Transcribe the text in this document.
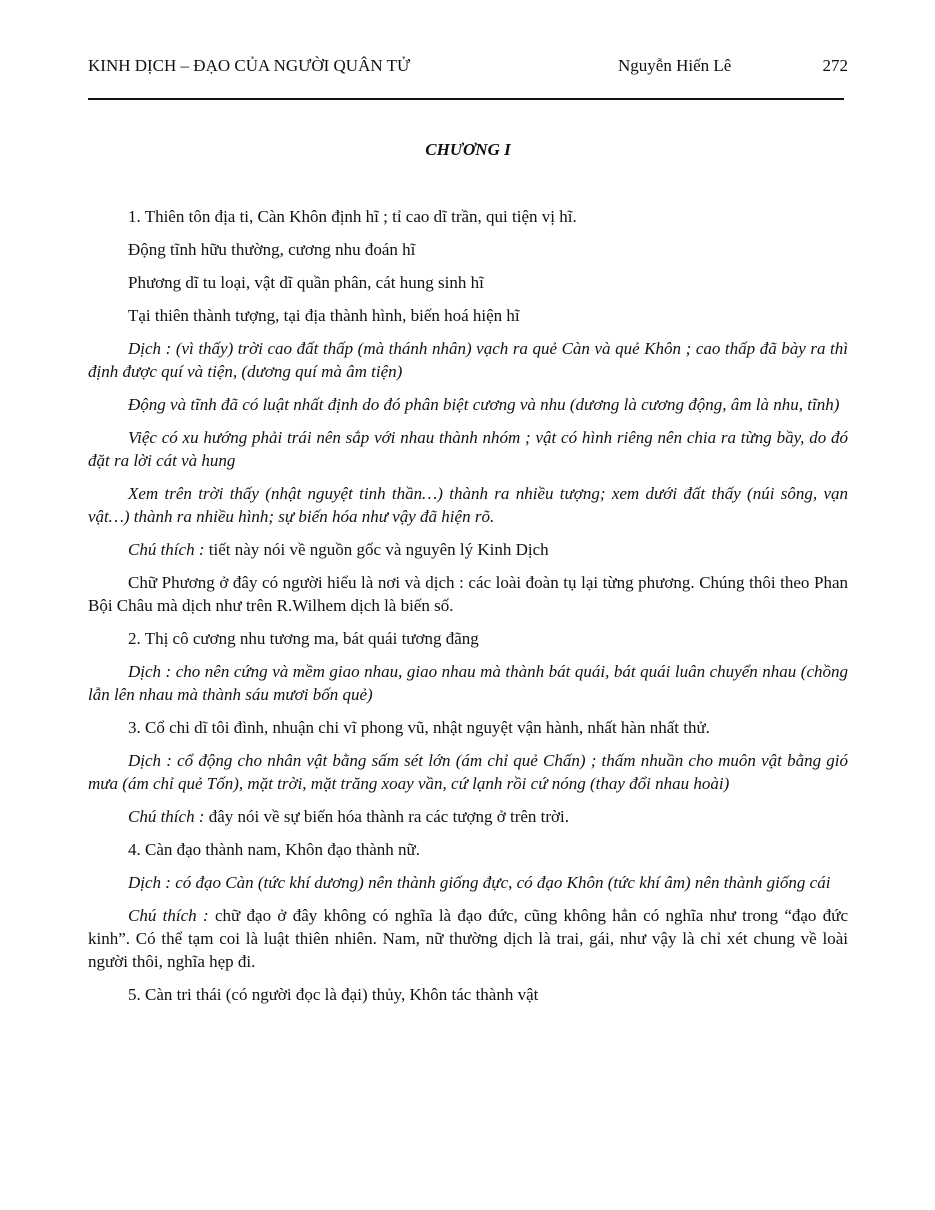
KINH DỊCH – ĐẠO CỦA NGƯỜI QUÂN TỬ	Nguyễn Hiến Lê	272
CHƯƠNG I

1. Thiên tôn địa ti, Càn Khôn định hĩ ; tỉ cao dĩ trần, qui tiện vị hĩ.

Động tĩnh hữu thường, cương nhu đoán hĩ

Phương dĩ tu loại, vật dĩ quần phân, cát hung sinh hĩ

Tại thiên thành tượng, tại địa thành hình, biến hoá hiện hĩ

Dịch : (vì thấy) trời cao đất thấp (mà thánh nhân) vạch ra quẻ Càn và quẻ Khôn ; cao thấp đã bày ra thì định được quí và tiện, (dương quí mà âm tiện)

Động và tĩnh đã có luật nhất định do đó phân biệt cương và nhu (dương là cương động, âm là nhu, tĩnh)

Việc có xu hướng phải trái nên sắp với nhau thành nhóm ; vật có hình riêng nên chia ra từng bầy, do đó đặt ra lời cát và hung

Xem trên trời thấy (nhật nguyệt tinh thần…) thành ra nhiều tượng; xem dưới đất thấy (núi sông, vạn vật…) thành ra nhiều hình; sự biến hóa như vậy đã hiện rõ.

Chú thích : tiết này nói về nguồn gốc và nguyên lý Kinh Dịch

Chữ Phương ở đây có người hiểu là nơi và dịch : các loài đoàn tụ lại từng phương. Chúng thôi theo Phan Bội Châu mà dịch như trên R.Wilhem dịch là biến số.

2. Thị cô cương nhu tương ma, bát quái tương đãng

Dịch : cho nên cứng và mềm giao nhau, giao nhau mà thành bát quái, bát quái luân chuyển nhau (chồng lẫn lên nhau mà thành sáu mươi bốn quẻ)

3. Cổ chi dĩ tôi đình, nhuận chi vĩ phong vũ, nhật nguyệt vận hành, nhất hàn nhất thử.

Dịch : cổ động cho nhân vật bằng sấm sét lớn (ám chỉ quẻ Chấn) ; thấm nhuần cho muôn vật bằng gió mưa (ám chỉ quẻ Tốn), mặt trời, mặt trăng xoay vần, cứ lạnh rồi cứ nóng (thay đổi nhau hoài)

Chú thích : đây nói về sự biến hóa thành ra các tượng ở trên trời.

4. Càn đạo thành nam, Khôn đạo thành nữ.

Dịch : có đạo Càn (tức khí dương) nên thành giống đực, có đạo Khôn (tức khí âm) nên thành giống cái

Chú thích : chữ đạo ở đây không có nghĩa là đạo đức, cũng không hẳn có nghĩa như trong “đạo đức kinh”. Có thể tạm coi là luật thiên nhiên. Nam, nữ thường dịch là trai, gái, như vậy là chỉ xét chung về loài người thôi, nghĩa hẹp đi.

5. Càn tri thái (có người đọc là đại) thủy, Khôn tác thành vật
